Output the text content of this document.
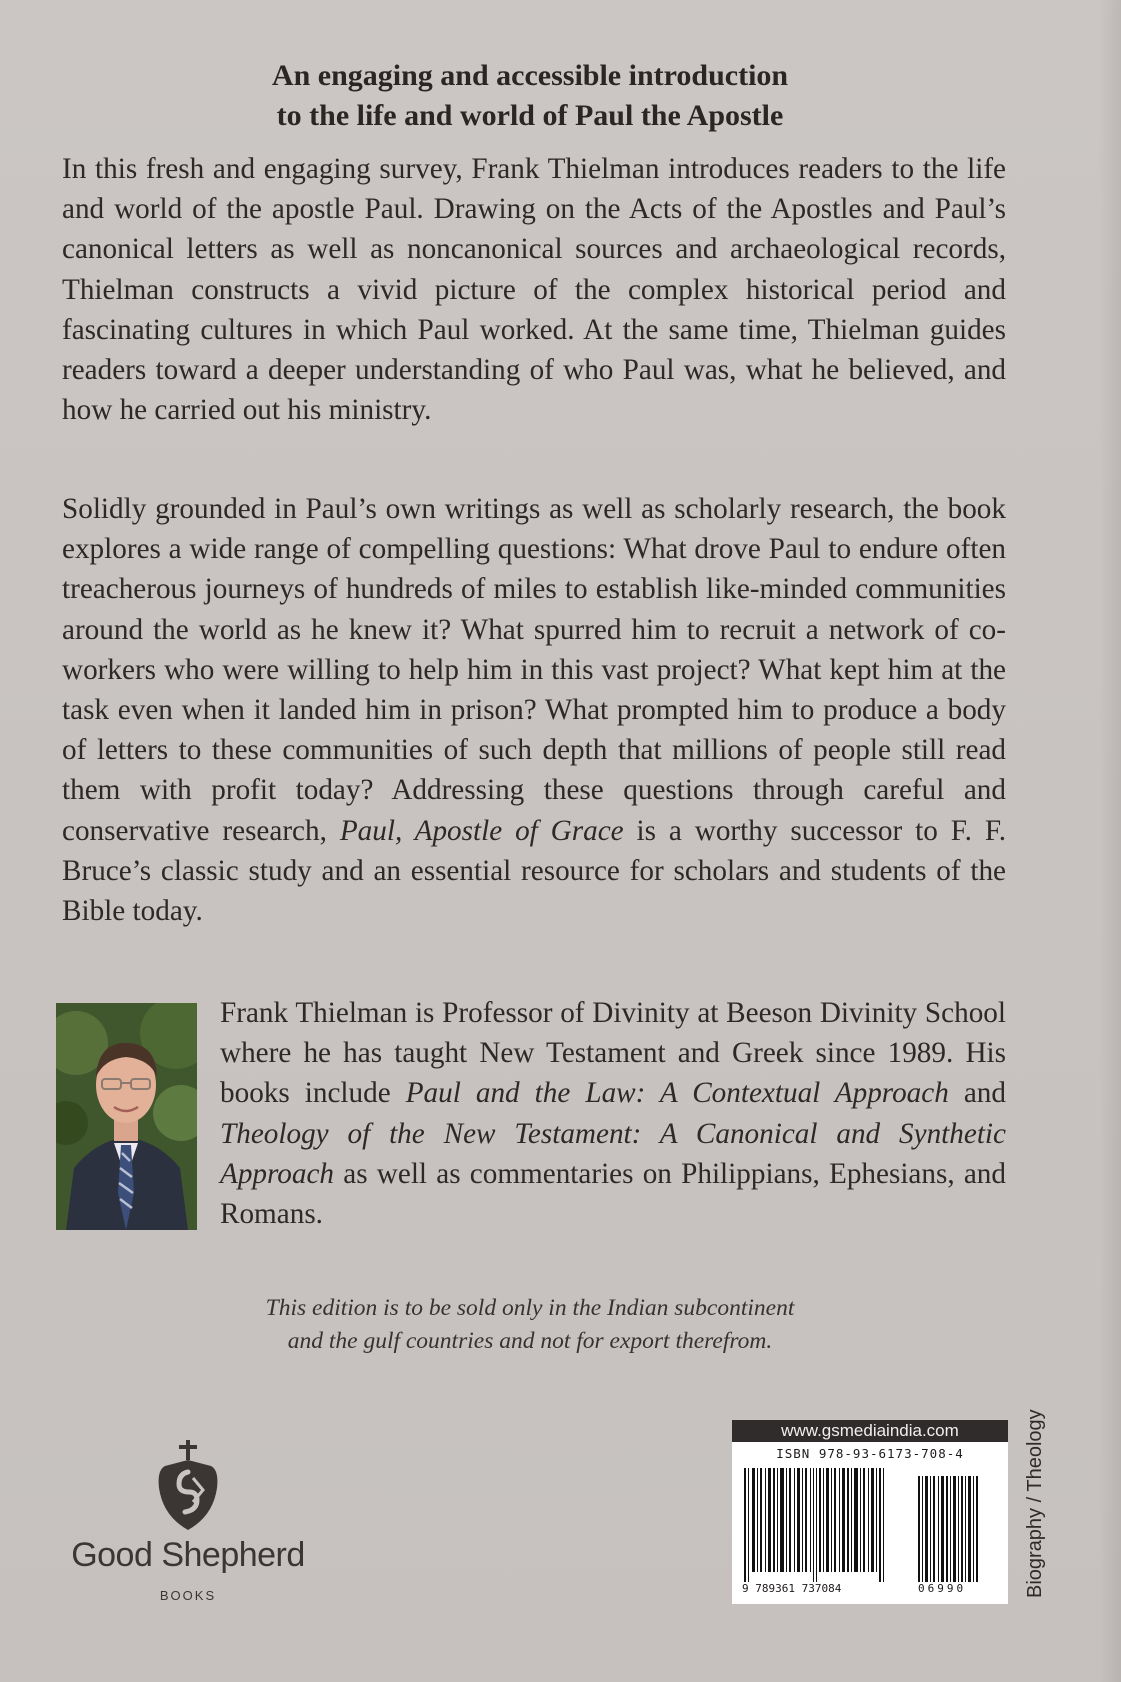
An engaging and accessible introduction
to the life and world of Paul the Apostle
In this fresh and engaging survey, Frank Thielman introduces readers to the life and world of the apostle Paul. Drawing on the Acts of the Apostles and Paul’s canonical letters as well as noncanonical sources and archaeological records, Thielman constructs a vivid picture of the complex historical period and fascinating cultures in which Paul worked. At the same time, Thielman guides readers toward a deeper understanding of who Paul was, what he believed, and how he carried out his ministry.
Solidly grounded in Paul’s own writings as well as scholarly research, the book explores a wide range of compelling questions: What drove Paul to endure often treacherous journeys of hundreds of miles to establish like-minded communities around the world as he knew it? What spurred him to recruit a network of co-workers who were willing to help him in this vast project? What kept him at the task even when it landed him in prison? What prompted him to produce a body of letters to these communities of such depth that millions of people still read them with profit today? Addressing these questions through careful and conservative research, Paul, Apostle of Grace is a worthy successor to F. F. Bruce’s classic study and an essential resource for scholars and students of the Bible today.
Frank Thielman is Professor of Divinity at Beeson Divinity School where he has taught New Testament and Greek since 1989. His books include Paul and the Law: A Contextual Approach and Theology of the New Testament: A Canonical and Synthetic Approach as well as commentaries on Philippians, Ephesians, and Romans.
This edition is to be sold only in the Indian subcontinent
and the gulf countries and not for export therefrom.
Good Shepherd
BOOKS
www.gsmediaindia.com
ISBN 978-93-6173-708-4
9 789361 737084	06990	Biography / Theology
